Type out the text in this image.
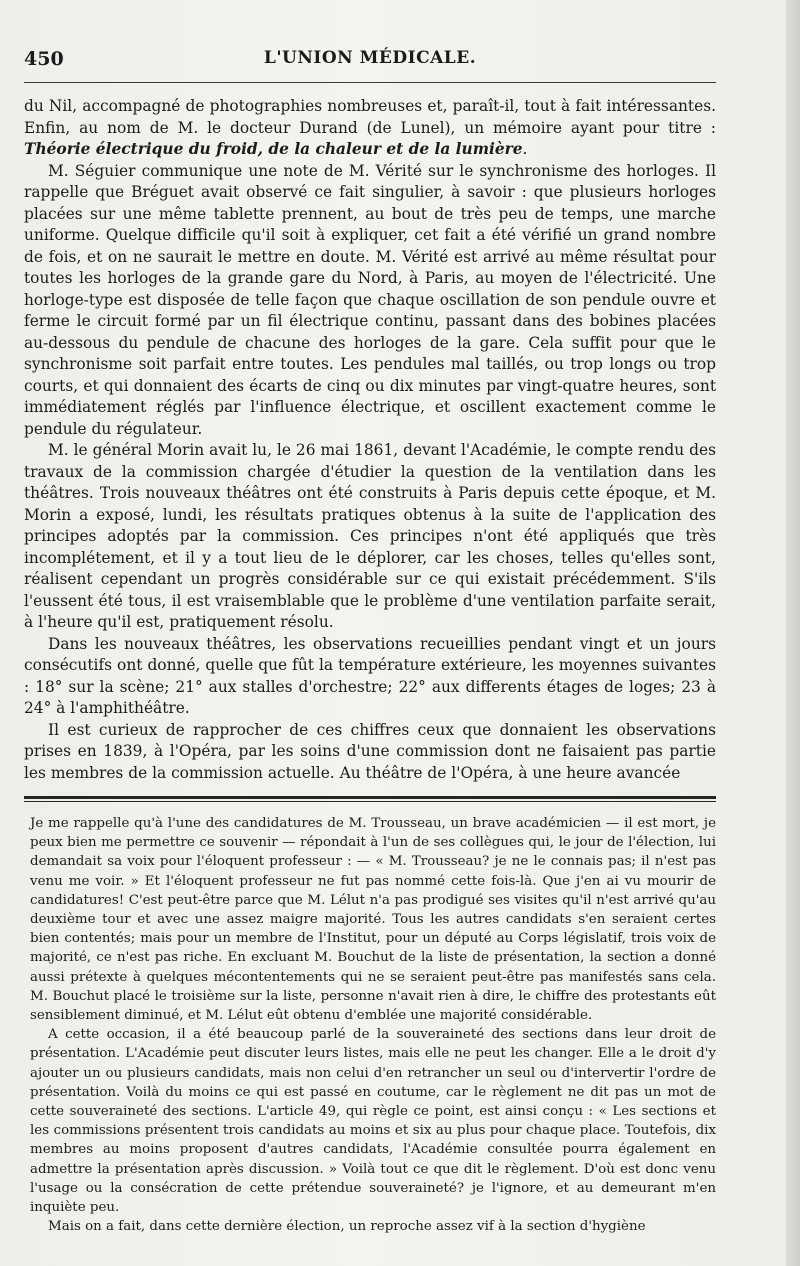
450	L'UNION MÉDICALE.

du Nil, accompagné de photographies nombreuses et, paraît-il, tout à fait intéressantes. Enfin, au nom de M. le docteur Durand (de Lunel), un mémoire ayant pour titre : Théorie électrique du froid, de la chaleur et de la lumière.

M. Séguier communique une note de M. Vérité sur le synchronisme des horloges. Il rappelle que Bréguet avait observé ce fait singulier, à savoir : que plusieurs horloges placées sur une même tablette prennent, au bout de très peu de temps, une marche uniforme. Quelque difficile qu'il soit à expliquer, cet fait a été vérifié un grand nombre de fois, et on ne saurait le mettre en doute. M. Vérité est arrivé au même résultat pour toutes les horloges de la grande gare du Nord, à Paris, au moyen de l'électricité. Une horloge-type est disposée de telle façon que chaque oscillation de son pendule ouvre et ferme le circuit formé par un fil électrique continu, passant dans des bobines placées au-dessous du pendule de chacune des horloges de la gare. Cela suffit pour que le synchronisme soit parfait entre toutes. Les pendules mal taillés, ou trop longs ou trop courts, et qui donnaient des écarts de cinq ou dix minutes par vingt-quatre heures, sont immédiatement réglés par l'influence électrique, et oscillent exactement comme le pendule du régulateur.

M. le général Morin avait lu, le 26 mai 1861, devant l'Académie, le compte rendu des travaux de la commission chargée d'étudier la question de la ventilation dans les théâtres. Trois nouveaux théâtres ont été construits à Paris depuis cette époque, et M. Morin a exposé, lundi, les résultats pratiques obtenus à la suite de l'application des principes adoptés par la commission. Ces principes n'ont été appliqués que très incomplétement, et il y a tout lieu de le déplorer, car les choses, telles qu'elles sont, réalisent cependant un progrès considérable sur ce qui existait précédemment. S'ils l'eussent été tous, il est vraisemblable que le problème d'une ventilation parfaite serait, à l'heure qu'il est, pratiquement résolu.

Dans les nouveaux théâtres, les observations recueillies pendant vingt et un jours consécutifs ont donné, quelle que fût la température extérieure, les moyennes suivantes : 18° sur la scène; 21° aux stalles d'orchestre; 22° aux differents étages de loges; 23 à 24° à l'amphithéâtre.

Il est curieux de rapprocher de ces chiffres ceux que donnaient les observations prises en 1839, à l'Opéra, par les soins d'une commission dont ne faisaient pas partie les membres de la commission actuelle. Au théâtre de l'Opéra, à une heure avancée

Je me rappelle qu'à l'une des candidatures de M. Trousseau, un brave académicien — il est mort, je peux bien me permettre ce souvenir — répondait à l'un de ses collègues qui, le jour de l'élection, lui demandait sa voix pour l'éloquent professeur : — « M. Trousseau? je ne le connais pas; il n'est pas venu me voir. » Et l'éloquent professeur ne fut pas nommé cette fois-là. Que j'en ai vu mourir de candidatures! C'est peut-être parce que M. Lélut n'a pas prodigué ses visites qu'il n'est arrivé qu'au deuxième tour et avec une assez maigre majorité. Tous les autres candidats s'en seraient certes bien contentés; mais pour un membre de l'Institut, pour un député au Corps législatif, trois voix de majorité, ce n'est pas riche. En excluant M. Bouchut de la liste de présentation, la section a donné aussi prétexte à quelques mécontentements qui ne se seraient peut-être pas manifestés sans cela. M. Bouchut placé le troisième sur la liste, personne n'avait rien à dire, le chiffre des protestants eût sensiblement diminué, et M. Lélut eût obtenu d'emblée une majorité considérable.

A cette occasion, il a été beaucoup parlé de la souveraineté des sections dans leur droit de présentation. L'Académie peut discuter leurs listes, mais elle ne peut les changer. Elle a le droit d'y ajouter un ou plusieurs candidats, mais non celui d'en retrancher un seul ou d'intervertir l'ordre de présentation. Voilà du moins ce qui est passé en coutume, car le règlement ne dit pas un mot de cette souveraineté des sections. L'article 49, qui règle ce point, est ainsi conçu : « Les sections et les commissions présentent trois candidats au moins et six au plus pour chaque place. Toutefois, dix membres au moins proposent d'autres candidats, l'Académie consultée pourra également en admettre la présentation après discussion. » Voilà tout ce que dit le règlement. D'où est donc venu l'usage ou la consécration de cette prétendue souveraineté? je l'ignore, et au demeurant m'en inquiète peu.

Mais on a fait, dans cette dernière élection, un reproche assez vif à la section d'hygiène
